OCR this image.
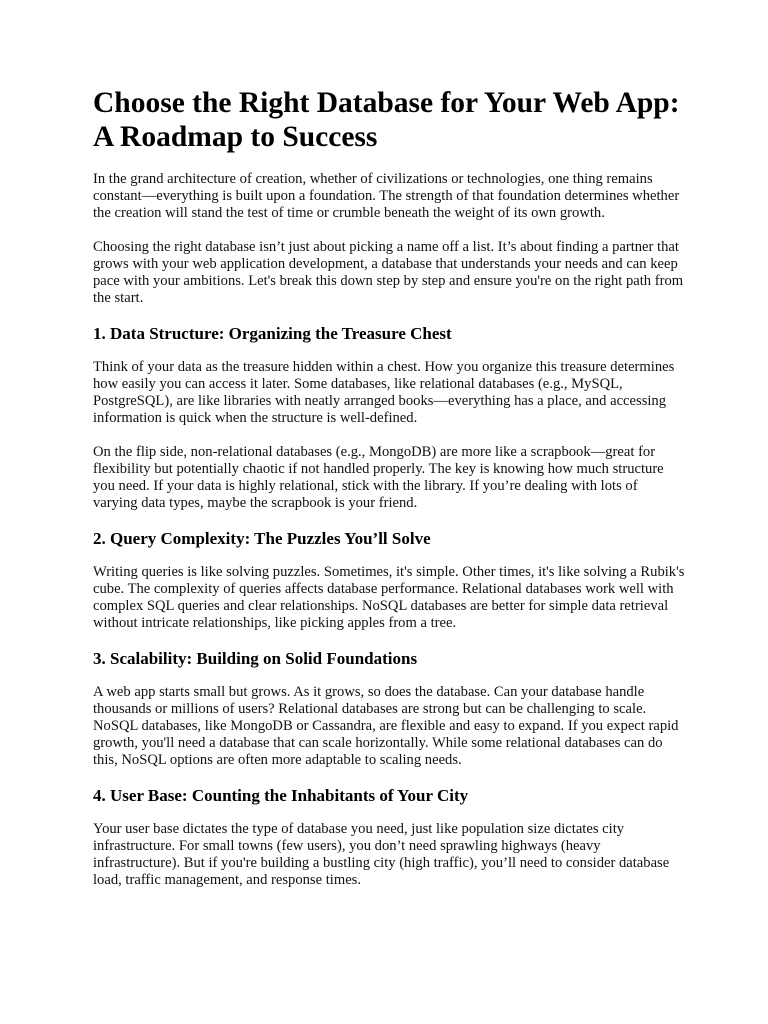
Choose the Right Database for Your Web App: A Roadmap to Success

In the grand architecture of creation, whether of civilizations or technologies, one thing remains constant—everything is built upon a foundation. The strength of that foundation determines whether the creation will stand the test of time or crumble beneath the weight of its own growth.

Choosing the right database isn’t just about picking a name off a list. It’s about finding a partner that grows with your web application development, a database that understands your needs and can keep pace with your ambitions. Let's break this down step by step and ensure you're on the right path from the start.

1. Data Structure: Organizing the Treasure Chest

Think of your data as the treasure hidden within a chest. How you organize this treasure determines how easily you can access it later. Some databases, like relational databases (e.g., MySQL, PostgreSQL), are like libraries with neatly arranged books—everything has a place, and accessing information is quick when the structure is well-defined.

On the flip side, non-relational databases (e.g., MongoDB) are more like a scrapbook—great for flexibility but potentially chaotic if not handled properly. The key is knowing how much structure you need. If your data is highly relational, stick with the library. If you’re dealing with lots of varying data types, maybe the scrapbook is your friend.

2. Query Complexity: The Puzzles You’ll Solve

Writing queries is like solving puzzles. Sometimes, it's simple. Other times, it's like solving a Rubik's cube. The complexity of queries affects database performance. Relational databases work well with complex SQL queries and clear relationships. NoSQL databases are better for simple data retrieval without intricate relationships, like picking apples from a tree.

3. Scalability: Building on Solid Foundations

A web app starts small but grows. As it grows, so does the database. Can your database handle thousands or millions of users? Relational databases are strong but can be challenging to scale. NoSQL databases, like MongoDB or Cassandra, are flexible and easy to expand. If you expect rapid growth, you'll need a database that can scale horizontally. While some relational databases can do this, NoSQL options are often more adaptable to scaling needs.

4. User Base: Counting the Inhabitants of Your City

Your user base dictates the type of database you need, just like population size dictates city infrastructure. For small towns (few users), you don’t need sprawling highways (heavy infrastructure). But if you're building a bustling city (high traffic), you’ll need to consider database load, traffic management, and response times.
